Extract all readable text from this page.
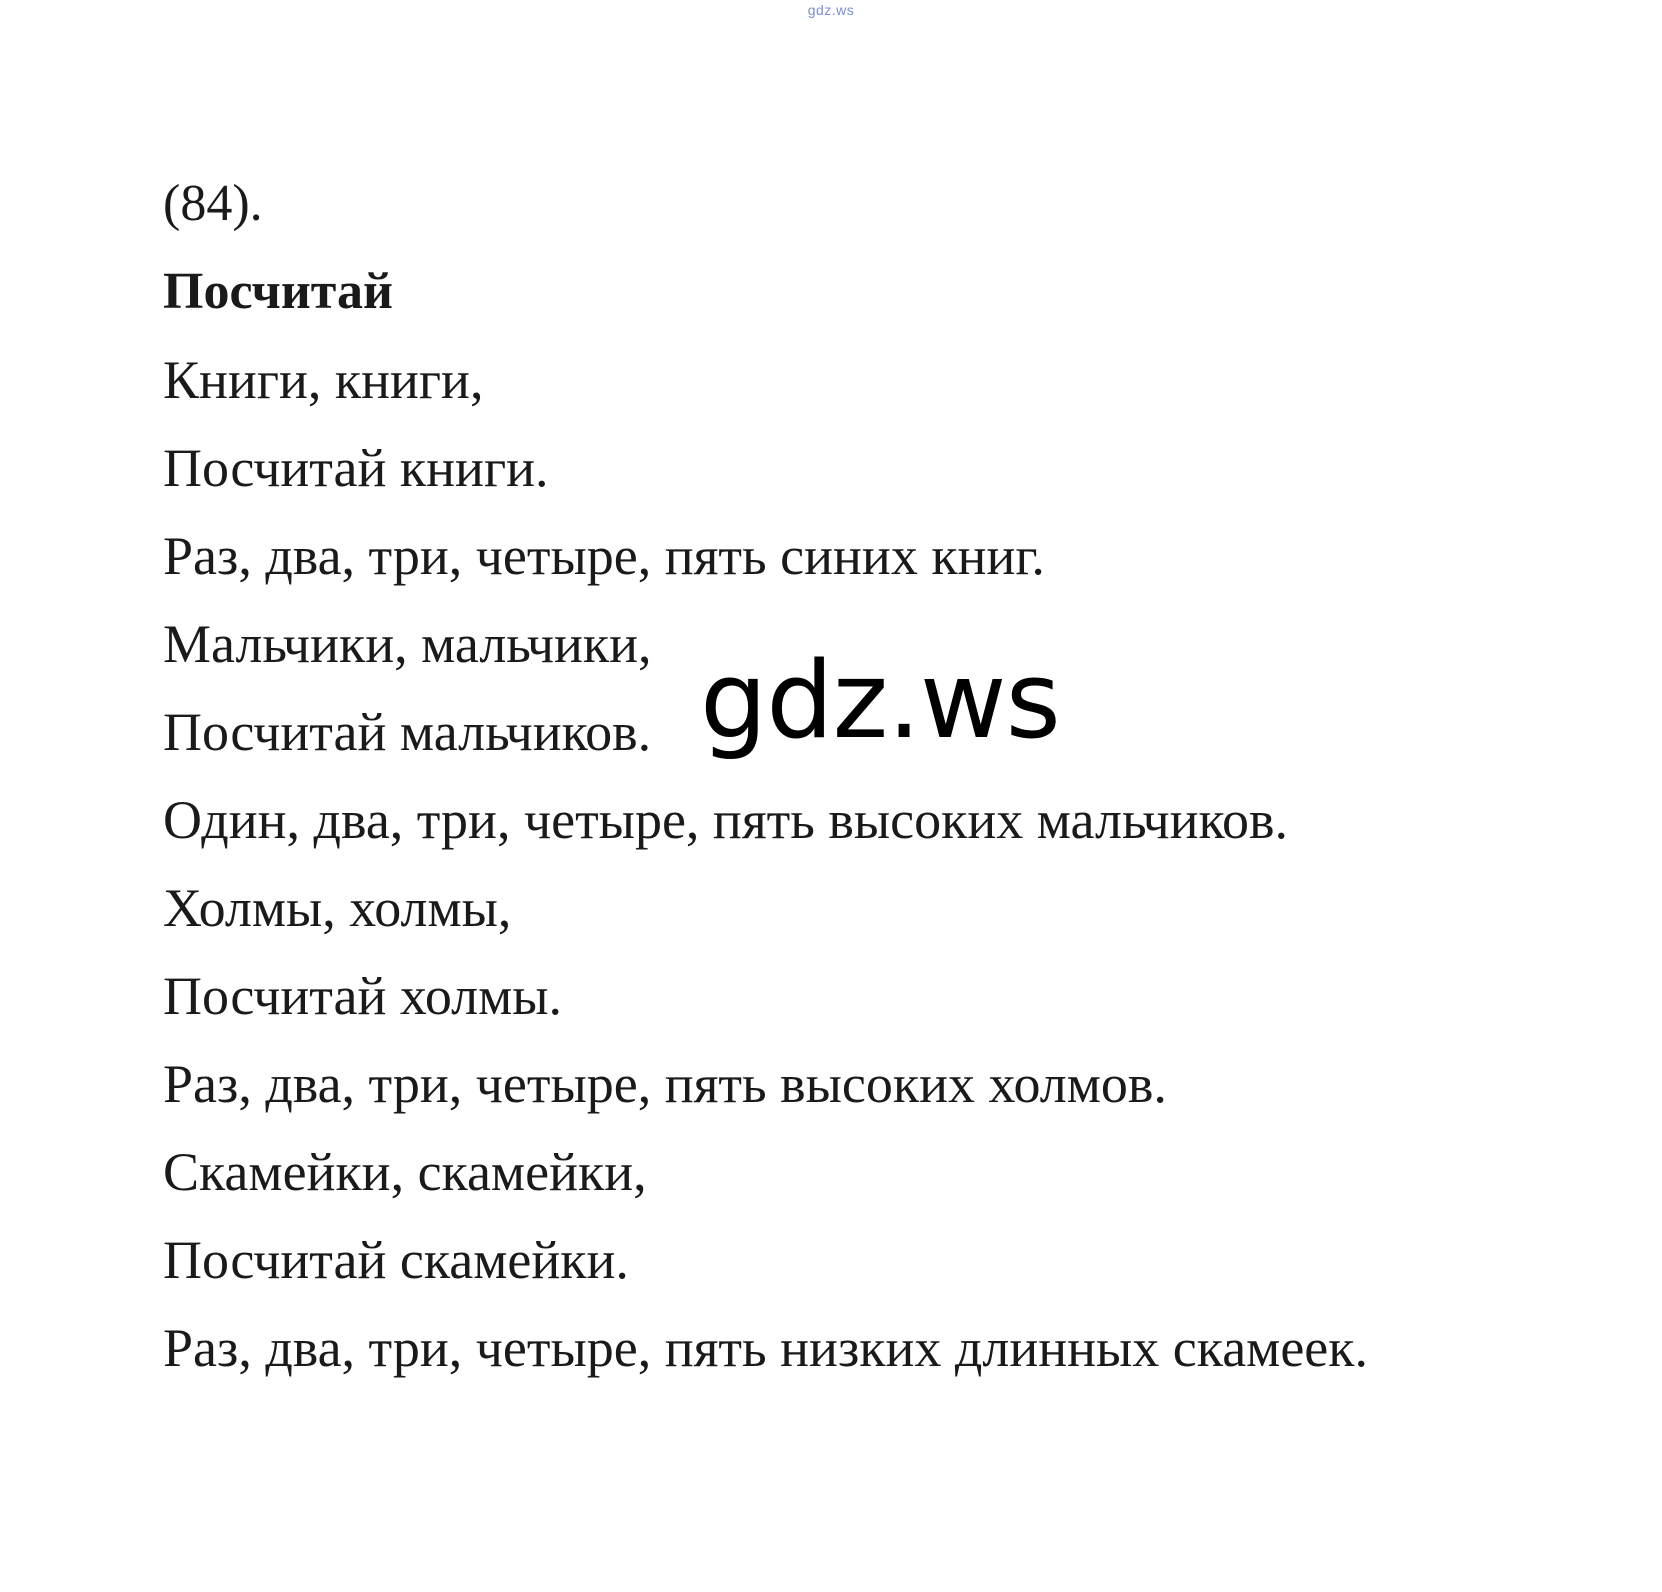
gdz.ws
(84).
Посчитай
Книги, книги,
Посчитай книги.
Раз, два, три, четыре, пять синих книг.
Мальчики, мальчики,
Посчитай мальчиков.
Один, два, три, четыре, пять высоких мальчиков.
Холмы, холмы,
Посчитай холмы.
Раз, два, три, четыре, пять высоких холмов.
Скамейки, скамейки,
Посчитай скамейки.
Раз, два, три, четыре, пять низких длинных скамеек.
gdz.ws
